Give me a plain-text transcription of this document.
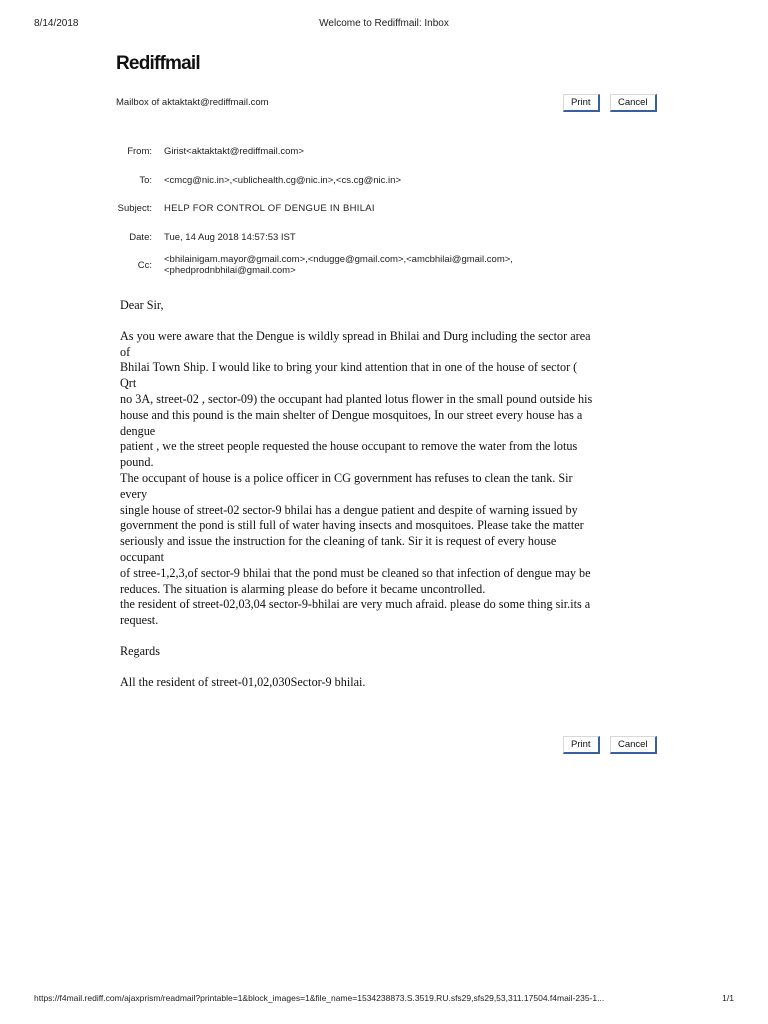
8/14/2018	Welcome to Rediffmail: Inbox
Rediffmail
Mailbox of aktaktakt@rediffmail.com	Print	Cancel
From: Girist<aktaktakt@rediffmail.com>
To: <cmcg@nic.in>,<ublichealth.cg@nic.in>,<cs.cg@nic.in>
Subject: HELP FOR CONTROL OF DENGUE IN BHILAI
Date: Tue, 14 Aug 2018 14:57:53 IST
Cc:
<bhilainigam.mayor@gmail.com>,<ndugge@gmail.com>,<amcbhilai@gmail.com>,
<phedprodnbhilai@gmail.com>

Dear Sir,

As you were aware that the Dengue is wildly spread in Bhilai and Durg including the sector area

of

Bhilai Town Ship. I would like to bring your kind attention that in one of the house of sector (

Qrt

no 3A, street-02 , sector-09) the occupant had planted lotus flower in the small pound outside his

house and this pound is the main shelter of Dengue mosquitoes, In our street every house has a

dengue

patient , we the street people requested the house occupant to remove the water from the lotus

pound.

The occupant of house is a police officer in CG government has refuses to clean the tank. Sir

every

single house of street-02 sector-9 bhilai has a dengue patient and despite of warning issued by

government the pond is still full of water having insects and mosquitoes. Please take the matter

seriously and issue the instruction for the cleaning of tank. Sir it is request of every house

occupant

of stree-1,2,3,of sector-9 bhilai that the pond must be cleaned so that infection of dengue may be

reduces. The situation is alarming please do before it became uncontrolled.

the resident of street-02,03,04 sector-9-bhilai are very much afraid. please do some thing sir.its a

request.

Regards

All the resident of street-01,02,030Sector-9 bhilai.

Print	Cancel
https://f4mail.rediff.com/ajaxprism/readmail?printable=1&block_images=1&file_name=1534238873.S.3519.RU.sfs29,sfs29,53,311.17504.f4mail-235-1...	1/1
